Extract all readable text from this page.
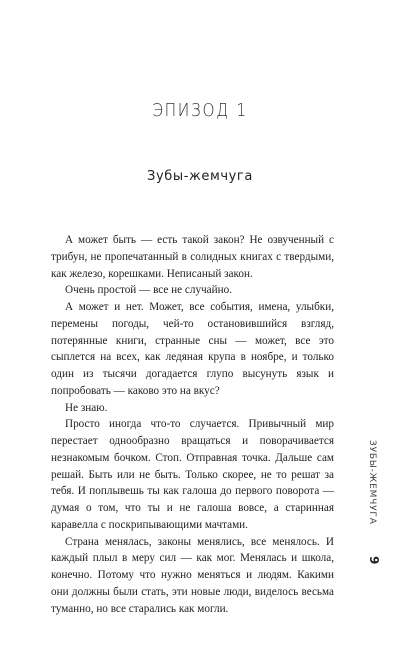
ЭПИЗОД 1
Зубы-жемчуга

А может быть — есть такой закон? Не озвученный с трибун, не пропечатанный в солидных книгах с твердыми, как железо, корешками. Неписаный закон.

Очень простой — все не случайно.

А может и нет. Может, все события, имена, улыбки, перемены погоды, чей-то остановившийся взгляд, потерянные книги, странные сны — может, все это сыплется на всех, как ледяная крупа в ноябре, и только один из тысячи догадается глупо высунуть язык и попробовать — каково это на вкус?

Не знаю.

Просто иногда что-то случается. Привычный мир перестает однообразно вращаться и поворачивается незнакомым бочком. Стоп. Отправная точка. Дальше сам решай. Быть или не быть. Только скорее, не то решат за тебя. И поплывешь ты как галоша до первого поворота — думая о том, что ты и не галоша вовсе, а старинная каравелла с поскрипывающими мачтами.

Страна менялась, законы менялись, все менялось. И каждый плыл в меру сил — как мог. Менялась и школа, конечно. Потому что нужно меняться и людям. Какими они должны были стать, эти новые люди, виделось весьма туманно, но все старались как могли.

ЗУБЫ-ЖЕМЧУГА
9
